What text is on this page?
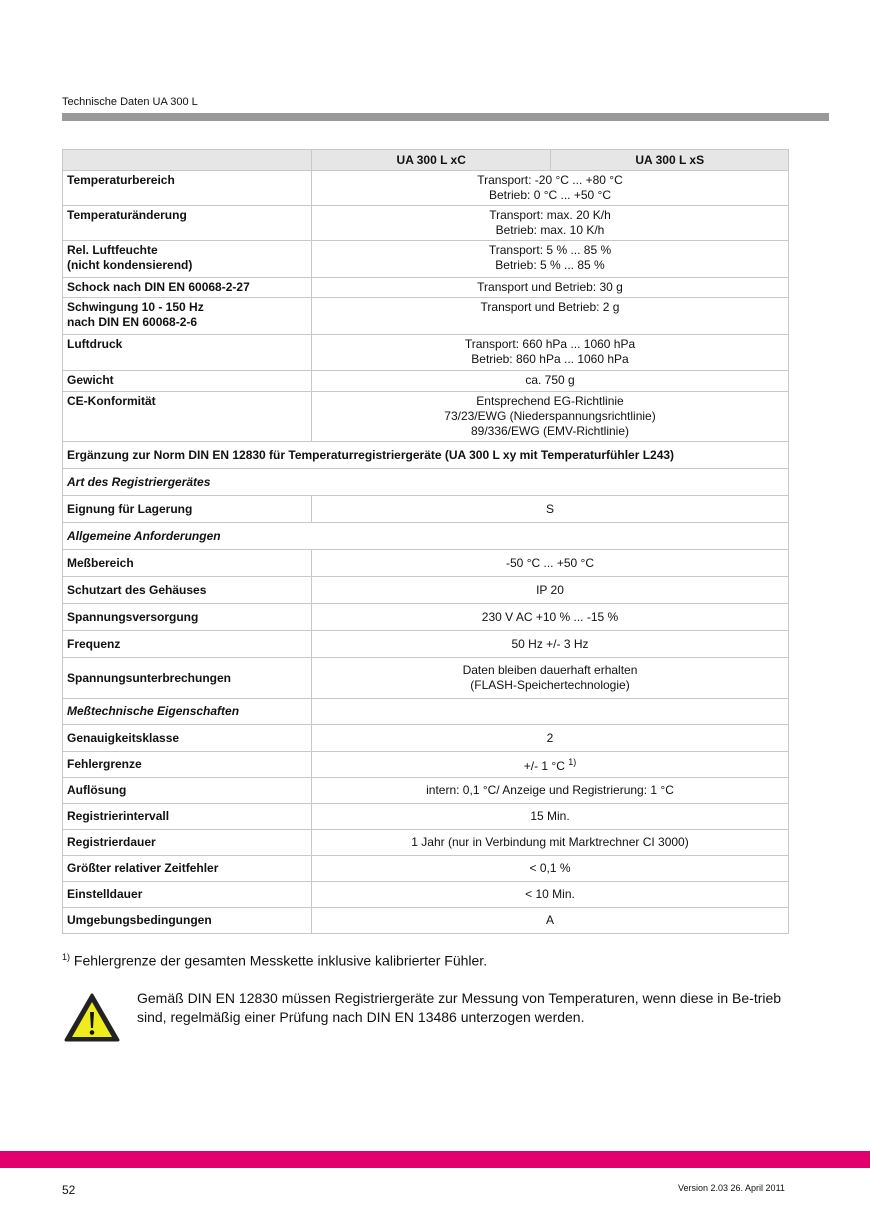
Technische Daten UA 300 L
	UA 300 L xC	UA 300 L xS
Temperaturbereich	Transport: -20 °C ... +80 °C
Betrieb: 0 °C ... +50 °C	
Temperaturänderung	Transport: max. 20 K/h
Betrieb: max. 10 K/h	
Rel. Luftfeuchte
(nicht kondensierend)	Transport: 5 % ... 85 %
Betrieb: 5 % ... 85 %	
Schock nach DIN EN 60068-2-27	Transport und Betrieb: 30 g	
Schwingung 10 - 150 Hz
nach DIN EN 60068-2-6	Transport und Betrieb: 2 g	
Luftdruck	Transport: 660 hPa ... 1060 hPa
Betrieb: 860 hPa ... 1060 hPa	
Gewicht	ca. 750 g	
CE-Konformität	Entsprechend EG-Richtlinie
73/23/EWG (Niederspannungsrichtlinie)
89/336/EWG (EMV-Richtlinie)	
Ergänzung zur Norm DIN EN 12830 für Temperaturregistriergeräte (UA 300 L xy mit Temperaturfühler L243)		
Art des Registriergerätes		
Eignung für Lagerung	S	
Allgemeine Anforderungen		
Meßbereich	-50 °C ... +50 °C	
Schutzart des Gehäuses	IP 20	
Spannungsversorgung	230 V AC +10 % ... -15 %	
Frequenz	50 Hz +/- 3 Hz	
Spannungsunterbrechungen	Daten bleiben dauerhaft erhalten
(FLASH-Speichertechnologie)	
Meßtechnische Eigenschaften		
Genauigkeitsklasse	2	
Fehlergrenze	+/- 1 °C $^{1)}$
Auflösung	intern: 0,1 °C/ Anzeige und Registrierung: 1 °C	
Registrierintervall	15 Min.	
Registrierdauer	1 Jahr (nur in Verbindung mit Marktrechner CI 3000)	
Größter relativer Zeitfehler	< 0,1 %	
Einstelldauer	< 10 Min.	
Umgebungsbedingungen	A	
$^{1)}$ Fehlergrenze der gesamten Messkette inklusive kalibrierter Fühler.
Gemäß DIN EN 12830 müssen Registriergeräte zur Messung von Temperaturen, wenn diese in Be-trieb sind, regelmäßig einer Prüfung nach DIN EN 13486 unterzogen werden.
52	Version 2.03 26. April 2011
